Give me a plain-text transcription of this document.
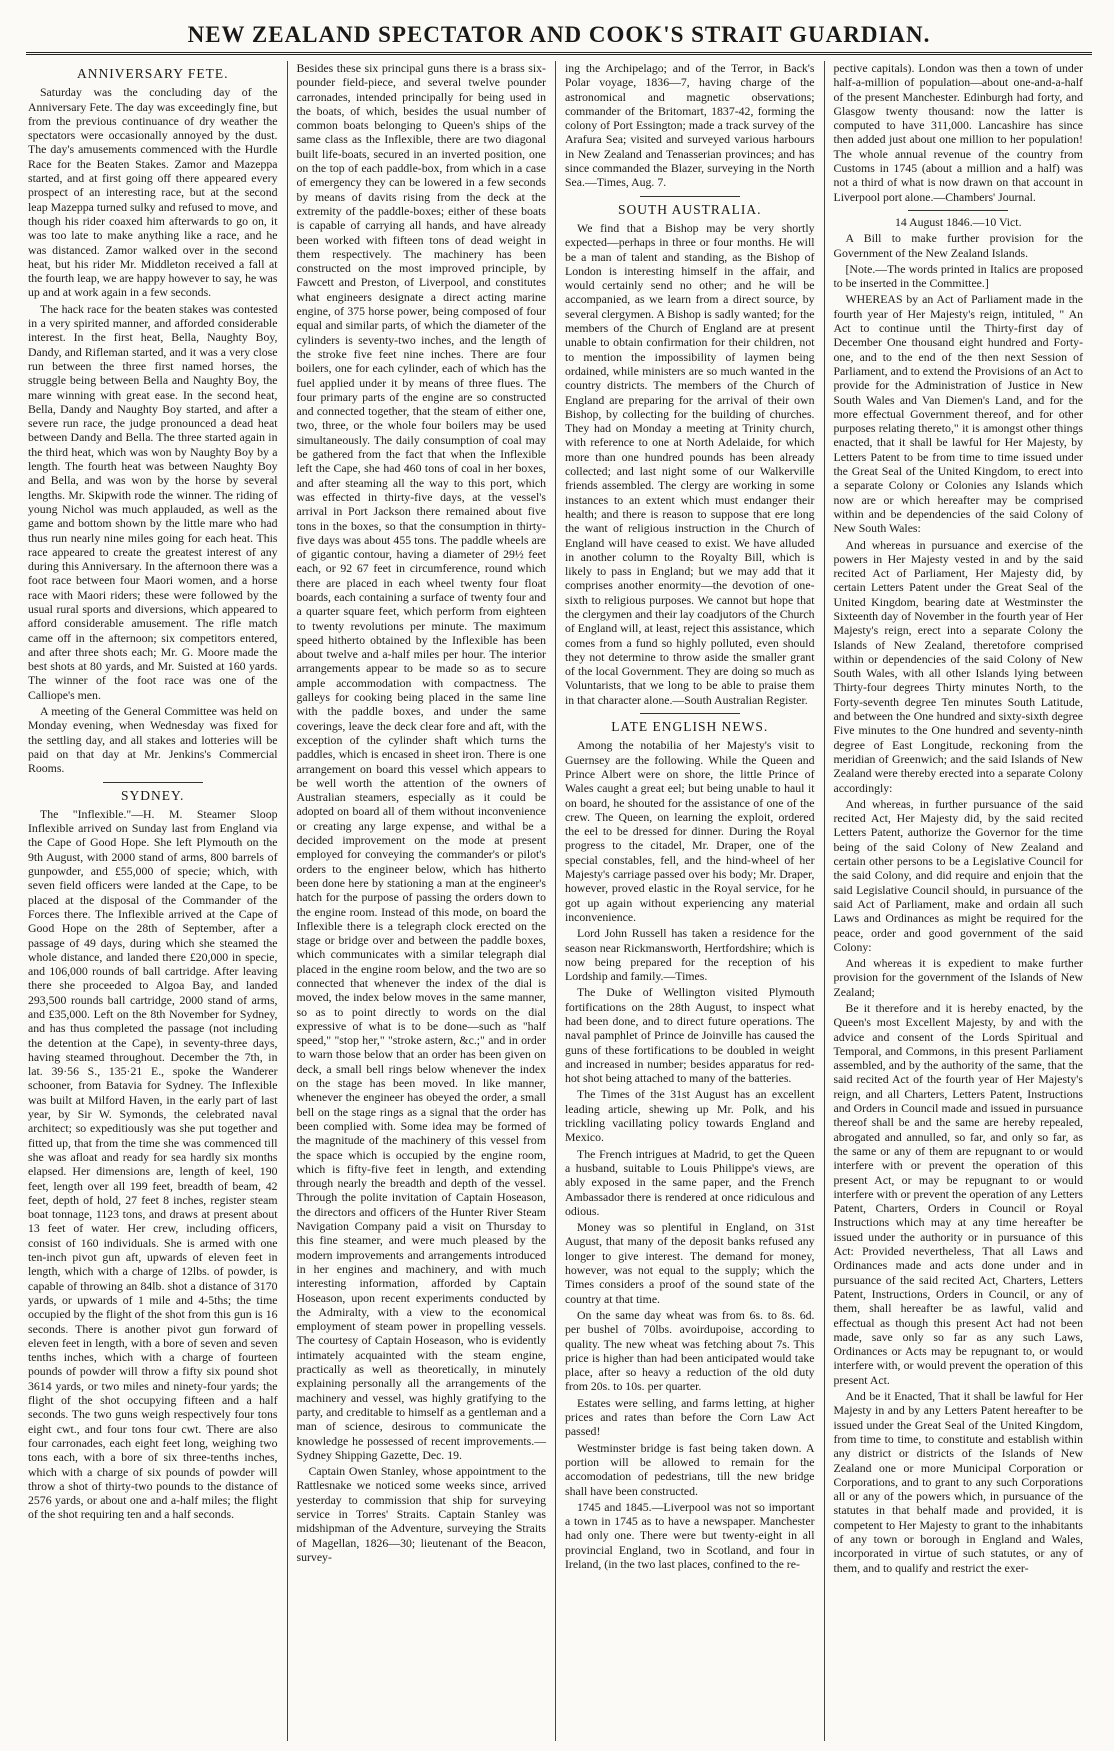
NEW ZEALAND SPECTATOR AND COOK'S STRAIT GUARDIAN.
ANNIVERSARY FETE.

Saturday was the concluding day of the Anniversary Fete. The day was exceedingly fine, but from the previous continuance of dry weather the spectators were occasionally annoyed by the dust. The day's amusements commenced with the Hurdle Race for the Beaten Stakes. Zamor and Mazeppa started, and at first going off there appeared every prospect of an interesting race, but at the second leap Mazeppa turned sulky and refused to move, and though his rider coaxed him afterwards to go on, it was too late to make anything like a race, and he was distanced. Zamor walked over in the second heat, but his rider Mr. Middleton received a fall at the fourth leap, we are happy however to say, he was up and at work again in a few seconds.

The hack race for the beaten stakes was contested in a very spirited manner, and afforded considerable interest. In the first heat, Bella, Naughty Boy, Dandy, and Rifleman started, and it was a very close run between the three first named horses, the struggle being between Bella and Naughty Boy, the mare winning with great ease. In the second heat, Bella, Dandy and Naughty Boy started, and after a severe run race, the judge pronounced a dead heat between Dandy and Bella. The three started again in the third heat, which was won by Naughty Boy by a length. The fourth heat was between Naughty Boy and Bella, and was won by the horse by several lengths. Mr. Skipwith rode the winner. The riding of young Nichol was much applauded, as well as the game and bottom shown by the little mare who had thus run nearly nine miles going for each heat. This race appeared to create the greatest interest of any during this Anniversary. In the afternoon there was a foot race between four Maori women, and a horse race with Maori riders; these were followed by the usual rural sports and diversions, which appeared to afford considerable amusement. The rifle match came off in the afternoon; six competitors entered, and after three shots each; Mr. G. Moore made the best shots at 80 yards, and Mr. Suisted at 160 yards. The winner of the foot race was one of the Calliope's men.

A meeting of the General Committee was held on Monday evening, when Wednesday was fixed for the settling day, and all stakes and lotteries will be paid on that day at Mr. Jenkins's Commercial Rooms.

SYDNEY.

The "Inflexible."—H. M. Steamer Sloop Inflexible arrived on Sunday last from England via the Cape of Good Hope. She left Plymouth on the 9th August, with 2000 stand of arms, 800 barrels of gunpowder, and £55,000 of specie; which, with seven field officers were landed at the Cape, to be placed at the disposal of the Commander of the Forces there. The Inflexible arrived at the Cape of Good Hope on the 28th of September, after a passage of 49 days, during which she steamed the whole distance, and landed there £20,000 in specie, and 106,000 rounds of ball cartridge. After leaving there she proceeded to Algoa Bay, and landed 293,500 rounds ball cartridge, 2000 stand of arms, and £35,000. Left on the 8th November for Sydney, and has thus completed the passage (not including the detention at the Cape), in seventy-three days, having steamed throughout. December the 7th, in lat. 39·56 S., 135·21 E., spoke the Wanderer schooner, from Batavia for Sydney. The Inflexible was built at Milford Haven, in the early part of last year, by Sir W. Symonds, the celebrated naval architect; so expeditiously was she put together and fitted up, that from the time she was commenced till she was afloat and ready for sea hardly six months elapsed. Her dimensions are, length of keel, 190 feet, length over all 199 feet, breadth of beam, 42 feet, depth of hold, 27 feet 8 inches, register steam boat tonnage, 1123 tons, and draws at present about 13 feet of water. Her crew, including officers, consist of 160 individuals. She is armed with one ten-inch pivot gun aft, upwards of eleven feet in length, which with a charge of 12lbs. of powder, is capable of throwing an 84lb. shot a distance of 3170 yards, or upwards of 1 mile and 4-5ths; the time occupied by the flight of the shot from this gun is 16 seconds. There is another pivot gun forward of eleven feet in length, with a bore of seven and seven tenths inches, which with a charge of fourteen pounds of powder will throw a fifty six pound shot 3614 yards, or two miles and ninety-four yards; the flight of the shot occupying fifteen and a half seconds. The two guns weigh respectively four tons eight cwt., and four tons four cwt. There are also four carronades, each eight feet long, weighing two tons each, with a bore of six three-tenths inches, which with a charge of six pounds of powder will throw a shot of thirty-two pounds to the distance of 2576 yards, or about one and a-half miles; the flight of the shot requiring ten and a half seconds.

Besides these six principal guns there is a brass six-pounder field-piece, and several twelve pounder carronades, intended principally for being used in the boats, of which, besides the usual number of common boats belonging to Queen's ships of the same class as the Inflexible, there are two diagonal built life-boats, secured in an inverted position, one on the top of each paddle-box, from which in a case of emergency they can be lowered in a few seconds by means of davits rising from the deck at the extremity of the paddle-boxes; either of these boats is capable of carrying all hands, and have already been worked with fifteen tons of dead weight in them respectively. The machinery has been constructed on the most improved principle, by Fawcett and Preston, of Liverpool, and constitutes what engineers designate a direct acting marine engine, of 375 horse power, being composed of four equal and similar parts, of which the diameter of the cylinders is seventy-two inches, and the length of the stroke five feet nine inches. There are four boilers, one for each cylinder, each of which has the fuel applied under it by means of three flues. The four primary parts of the engine are so constructed and connected together, that the steam of either one, two, three, or the whole four boilers may be used simultaneously. The daily consumption of coal may be gathered from the fact that when the Inflexible left the Cape, she had 460 tons of coal in her boxes, and after steaming all the way to this port, which was effected in thirty-five days, at the vessel's arrival in Port Jackson there remained about five tons in the boxes, so that the consumption in thirty-five days was about 455 tons. The paddle wheels are of gigantic contour, having a diameter of 29½ feet each, or 92 67 feet in circumference, round which there are placed in each wheel twenty four float boards, each containing a surface of twenty four and a quarter square feet, which perform from eighteen to twenty revolutions per minute. The maximum speed hitherto obtained by the Inflexible has been about twelve and a-half miles per hour. The interior arrangements appear to be made so as to secure ample accommodation with compactness. The galleys for cooking being placed in the same line with the paddle boxes, and under the same coverings, leave the deck clear fore and aft, with the exception of the cylinder shaft which turns the paddles, which is encased in sheet iron. There is one arrangement on board this vessel which appears to be well worth the attention of the owners of Australian steamers, especially as it could be adopted on board all of them without inconvenience or creating any large expense, and withal be a decided improvement on the mode at present employed for conveying the commander's or pilot's orders to the engineer below, which has hitherto been done here by stationing a man at the engineer's hatch for the purpose of passing the orders down to the engine room. Instead of this mode, on board the Inflexible there is a telegraph clock erected on the stage or bridge over and between the paddle boxes, which communicates with a similar telegraph dial placed in the engine room below, and the two are so connected that whenever the index of the dial is moved, the index below moves in the same manner, so as to point directly to words on the dial expressive of what is to be done—such as "half speed," "stop her," "stroke astern, &c.;" and in order to warn those below that an order has been given on deck, a small bell rings below whenever the index on the stage has been moved. In like manner, whenever the engineer has obeyed the order, a small bell on the stage rings as a signal that the order has been complied with. Some idea may be formed of the magnitude of the machinery of this vessel from the space which is occupied by the engine room, which is fifty-five feet in length, and extending through nearly the breadth and depth of the vessel. Through the polite invitation of Captain Hoseason, the directors and officers of the Hunter River Steam Navigation Company paid a visit on Thursday to this fine steamer, and were much pleased by the modern improvements and arrangements introduced in her engines and machinery, and with much interesting information, afforded by Captain Hoseason, upon recent experiments conducted by the Admiralty, with a view to the economical employment of steam power in propelling vessels. The courtesy of Captain Hoseason, who is evidently intimately acquainted with the steam engine, practically as well as theoretically, in minutely explaining personally all the arrangements of the machinery and vessel, was highly gratifying to the party, and creditable to himself as a gentleman and a man of science, desirous to communicate the knowledge he possessed of recent improvements.—Sydney Shipping Gazette, Dec. 19.

Captain Owen Stanley, whose appointment to the Rattlesnake we noticed some weeks since, arrived yesterday to commission that ship for surveying service in Torres' Straits. Captain Stanley was midshipman of the Adventure, surveying the Straits of Magellan, 1826—30; lieutenant of the Beacon, survey-

ing the Archipelago; and of the Terror, in Back's Polar voyage, 1836—7, having charge of the astronomical and magnetic observations; commander of the Britomart, 1837-42, forming the colony of Port Essington; made a track survey of the Arafura Sea; visited and surveyed various harbours in New Zealand and Tenasserian provinces; and has since commanded the Blazer, surveying in the North Sea.—Times, Aug. 7.

SOUTH AUSTRALIA.

We find that a Bishop may be very shortly expected—perhaps in three or four months. He will be a man of talent and standing, as the Bishop of London is interesting himself in the affair, and would certainly send no other; and he will be accompanied, as we learn from a direct source, by several clergymen. A Bishop is sadly wanted; for the members of the Church of England are at present unable to obtain confirmation for their children, not to mention the impossibility of laymen being ordained, while ministers are so much wanted in the country districts. The members of the Church of England are preparing for the arrival of their own Bishop, by collecting for the building of churches. They had on Monday a meeting at Trinity church, with reference to one at North Adelaide, for which more than one hundred pounds has been already collected; and last night some of our Walkerville friends assembled. The clergy are working in some instances to an extent which must endanger their health; and there is reason to suppose that ere long the want of religious instruction in the Church of England will have ceased to exist. We have alluded in another column to the Royalty Bill, which is likely to pass in England; but we may add that it comprises another enormity—the devotion of one-sixth to religious purposes. We cannot but hope that the clergymen and their lay coadjutors of the Church of England will, at least, reject this assistance, which comes from a fund so highly polluted, even should they not determine to throw aside the smaller grant of the local Government. They are doing so much as Voluntarists, that we long to be able to praise them in that character alone.—South Australian Register.

LATE ENGLISH NEWS.

Among the notabilia of her Majesty's visit to Guernsey are the following. While the Queen and Prince Albert were on shore, the little Prince of Wales caught a great eel; but being unable to haul it on board, he shouted for the assistance of one of the crew. The Queen, on learning the exploit, ordered the eel to be dressed for dinner. During the Royal progress to the citadel, Mr. Draper, one of the special constables, fell, and the hind-wheel of her Majesty's carriage passed over his body; Mr. Draper, however, proved elastic in the Royal service, for he got up again without experiencing any material inconvenience.

Lord John Russell has taken a residence for the season near Rickmansworth, Hertfordshire; which is now being prepared for the reception of his Lordship and family.—Times.

The Duke of Wellington visited Plymouth fortifications on the 28th August, to inspect what had been done, and to direct future operations. The naval pamphlet of Prince de Joinville has caused the guns of these fortifications to be doubled in weight and increased in number; besides apparatus for red-hot shot being attached to many of the batteries.

The Times of the 31st August has an excellent leading article, shewing up Mr. Polk, and his trickling vacillating policy towards England and Mexico.

The French intrigues at Madrid, to get the Queen a husband, suitable to Louis Philippe's views, are ably exposed in the same paper, and the French Ambassador there is rendered at once ridiculous and odious.

Money was so plentiful in England, on 31st August, that many of the deposit banks refused any longer to give interest. The demand for money, however, was not equal to the supply; which the Times considers a proof of the sound state of the country at that time.

On the same day wheat was from 6s. to 8s. 6d. per bushel of 70lbs. avoirdupoise, according to quality. The new wheat was fetching about 7s. This price is higher than had been anticipated would take place, after so heavy a reduction of the old duty from 20s. to 10s. per quarter.

Estates were selling, and farms letting, at higher prices and rates than before the Corn Law Act passed!

Westminster bridge is fast being taken down. A portion will be allowed to remain for the accomodation of pedestrians, till the new bridge shall have been constructed.

1745 and 1845.—Liverpool was not so important a town in 1745 as to have a newspaper. Manchester had only one. There were but twenty-eight in all provincial England, two in Scotland, and four in Ireland, (in the two last places, confined to the re-

pective capitals). London was then a town of under half-a-million of population—about one-and-a-half of the present Manchester. Edinburgh had forty, and Glasgow twenty thousand: now the latter is computed to have 311,000. Lancashire has since then added just about one million to her population! The whole annual revenue of the country from Customs in 1745 (about a million and a half) was not a third of what is now drawn on that account in Liverpool port alone.—Chambers' Journal.

14 August 1846.—10 Vict.

A Bill to make further provision for the Government of the New Zealand Islands.

[Note.—The words printed in Italics are proposed to be inserted in the Committee.]

WHEREAS by an Act of Parliament made in the fourth year of Her Majesty's reign, intituled, " An Act to continue until the Thirty-first day of December One thousand eight hundred and Forty-one, and to the end of the then next Session of Parliament, and to extend the Provisions of an Act to provide for the Administration of Justice in New South Wales and Van Diemen's Land, and for the more effectual Government thereof, and for other purposes relating thereto," it is amongst other things enacted, that it shall be lawful for Her Majesty, by Letters Patent to be from time to time issued under the Great Seal of the United Kingdom, to erect into a separate Colony or Colonies any Islands which now are or which hereafter may be comprised within and be dependencies of the said Colony of New South Wales:

And whereas in pursuance and exercise of the powers in Her Majesty vested in and by the said recited Act of Parliament, Her Majesty did, by certain Letters Patent under the Great Seal of the United Kingdom, bearing date at Westminster the Sixteenth day of November in the fourth year of Her Majesty's reign, erect into a separate Colony the Islands of New Zealand, theretofore comprised within or dependencies of the said Colony of New South Wales, with all other Islands lying between Thirty-four degrees Thirty minutes North, to the Forty-seventh degree Ten minutes South Latitude, and between the One hundred and sixty-sixth degree Five minutes to the One hundred and seventy-ninth degree of East Longitude, reckoning from the meridian of Greenwich; and the said Islands of New Zealand were thereby erected into a separate Colony accordingly:

And whereas, in further pursuance of the said recited Act, Her Majesty did, by the said recited Letters Patent, authorize the Governor for the time being of the said Colony of New Zealand and certain other persons to be a Legislative Council for the said Colony, and did require and enjoin that the said Legislative Council should, in pursuance of the said Act of Parliament, make and ordain all such Laws and Ordinances as might be required for the peace, order and good government of the said Colony:

And whereas it is expedient to make further provision for the government of the Islands of New Zealand;

Be it therefore and it is hereby enacted, by the Queen's most Excellent Majesty, by and with the advice and consent of the Lords Spiritual and Temporal, and Commons, in this present Parliament assembled, and by the authority of the same, that the said recited Act of the fourth year of Her Majesty's reign, and all Charters, Letters Patent, Instructions and Orders in Council made and issued in pursuance thereof shall be and the same are hereby repealed, abrogated and annulled, so far, and only so far, as the same or any of them are repugnant to or would interfere with or prevent the operation of this present Act, or may be repugnant to or would interfere with or prevent the operation of any Letters Patent, Charters, Orders in Council or Royal Instructions which may at any time hereafter be issued under the authority or in pursuance of this Act: Provided nevertheless, That all Laws and Ordinances made and acts done under and in pursuance of the said recited Act, Charters, Letters Patent, Instructions, Orders in Council, or any of them, shall hereafter be as lawful, valid and effectual as though this present Act had not been made, save only so far as any such Laws, Ordinances or Acts may be repugnant to, or would interfere with, or would prevent the operation of this present Act.

And be it Enacted, That it shall be lawful for Her Majesty in and by any Letters Patent hereafter to be issued under the Great Seal of the United Kingdom, from time to time, to constitute and establish within any district or districts of the Islands of New Zealand one or more Municipal Corporation or Corporations, and to grant to any such Corporations all or any of the powers which, in pursuance of the statutes in that behalf made and provided, it is competent to Her Majesty to grant to the inhabitants of any town or borough in England and Wales, incorporated in virtue of such statutes, or any of them, and to qualify and restrict the exer-
